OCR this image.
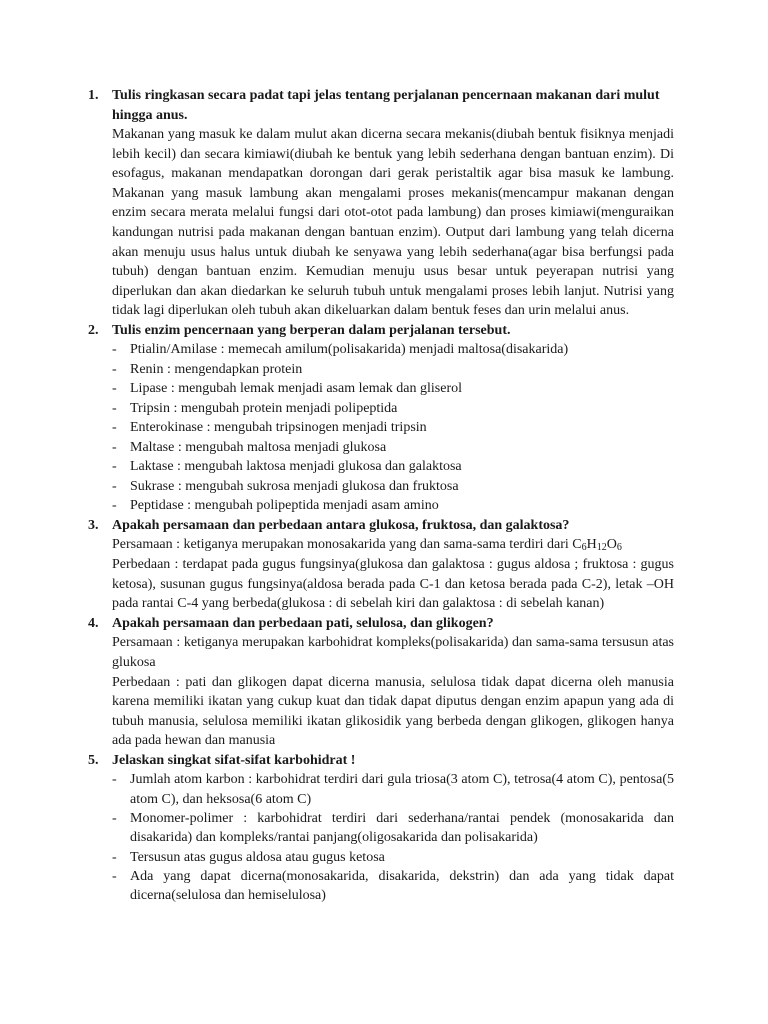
1. Tulis ringkasan secara padat tapi jelas tentang perjalanan pencernaan makanan dari mulut hingga anus.
Makanan yang masuk ke dalam mulut akan dicerna secara mekanis(diubah bentuk fisiknya menjadi lebih kecil) dan secara kimiawi(diubah ke bentuk yang lebih sederhana dengan bantuan enzim). Di esofagus, makanan mendapatkan dorongan dari gerak peristaltik agar bisa masuk ke lambung. Makanan yang masuk lambung akan mengalami proses mekanis(mencampur makanan dengan enzim secara merata melalui fungsi dari otot-otot pada lambung) dan proses kimiawi(menguraikan kandungan nutrisi pada makanan dengan bantuan enzim). Output dari lambung yang telah dicerna akan menuju usus halus untuk diubah ke senyawa yang lebih sederhana(agar bisa berfungsi pada tubuh) dengan bantuan enzim. Kemudian menuju usus besar untuk peyerapan nutrisi yang diperlukan dan akan diedarkan ke seluruh tubuh untuk mengalami proses lebih lanjut. Nutrisi yang tidak lagi diperlukan oleh tubuh akan dikeluarkan dalam bentuk feses dan urin melalui anus.
2. Tulis enzim pencernaan yang berperan dalam perjalanan tersebut.
- Ptialin/Amilase : memecah amilum(polisakarida) menjadi maltosa(disakarida)
- Renin : mengendapkan protein
- Lipase : mengubah lemak menjadi asam lemak dan gliserol
- Tripsin : mengubah protein menjadi polipeptida
- Enterokinase : mengubah tripsinogen menjadi tripsin
- Maltase : mengubah maltosa menjadi glukosa
- Laktase : mengubah laktosa menjadi glukosa dan galaktosa
- Sukrase : mengubah sukrosa menjadi glukosa dan fruktosa
- Peptidase : mengubah polipeptida menjadi asam amino
3. Apakah persamaan dan perbedaan antara glukosa, fruktosa, dan galaktosa?
Persamaan : ketiganya merupakan monosakarida yang dan sama-sama terdiri dari $C_6H_{12}O_6$
Perbedaan : terdapat pada gugus fungsinya(glukosa dan galaktosa : gugus aldosa ; fruktosa : gugus ketosa), susunan gugus fungsinya(aldosa berada pada C-1 dan ketosa berada pada C-2), letak –OH pada rantai C-4 yang berbeda(glukosa : di sebelah kiri dan galaktosa : di sebelah kanan)
4. Apakah persamaan dan perbedaan pati, selulosa, dan glikogen?
Persamaan : ketiganya merupakan karbohidrat kompleks(polisakarida) dan sama-sama tersusun atas glukosa
Perbedaan : pati dan glikogen dapat dicerna manusia, selulosa tidak dapat dicerna oleh manusia karena memiliki ikatan yang cukup kuat dan tidak dapat diputus dengan enzim apapun yang ada di tubuh manusia, selulosa memiliki ikatan glikosidik yang berbeda dengan glikogen, glikogen hanya ada pada hewan dan manusia
5. Jelaskan singkat sifat-sifat karbohidrat !
- Jumlah atom karbon : karbohidrat terdiri dari gula triosa(3 atom C), tetrosa(4 atom C), pentosa(5 atom C), dan heksosa(6 atom C)
- Monomer-polimer : karbohidrat terdiri dari sederhana/rantai pendek (monosakarida dan disakarida) dan kompleks/rantai panjang(oligosakarida dan polisakarida)
- Tersusun atas gugus aldosa atau gugus ketosa
- Ada yang dapat dicerna(monosakarida, disakarida, dekstrin) dan ada yang tidak dapat dicerna(selulosa dan hemiselulosa)
